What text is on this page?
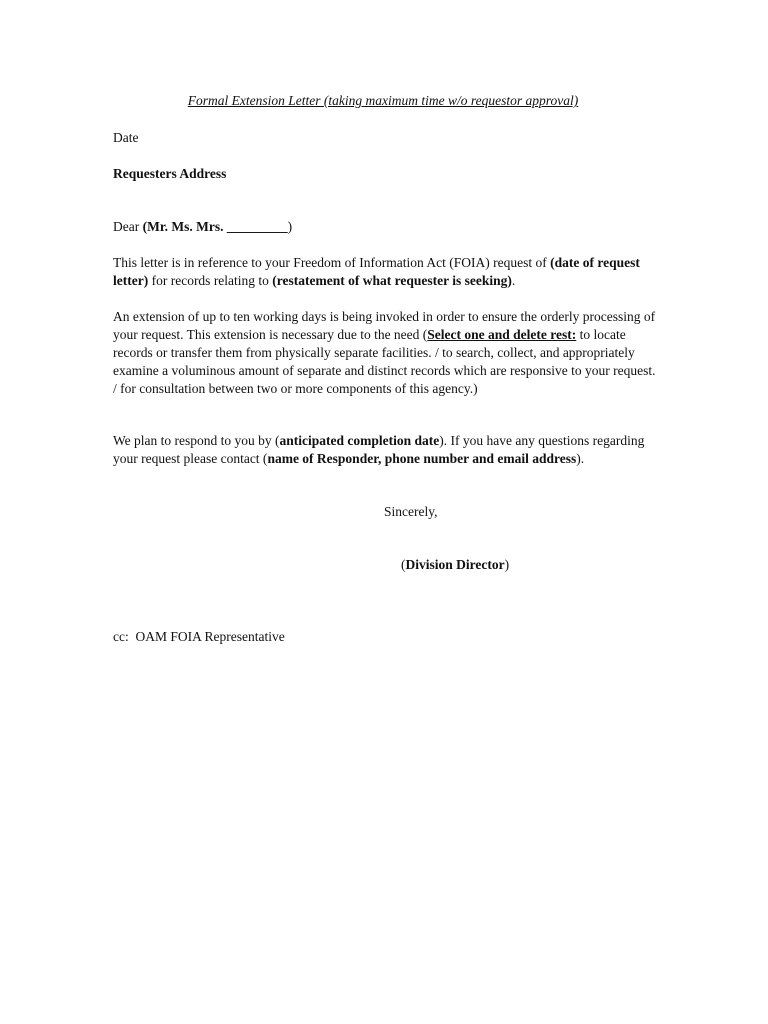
Formal Extension Letter (taking maximum time w/o requestor approval)
Date
Requesters Address
Dear (Mr. Ms. Mrs. _________)
This letter is in reference to your Freedom of Information Act (FOIA) request of (date of request letter) for records relating to (restatement of what requester is seeking).
An extension of up to ten working days is being invoked in order to ensure the orderly processing of your request. This extension is necessary due to the need (Select one and delete rest: to locate records or transfer them from physically separate facilities. / to search, collect, and appropriately examine a voluminous amount of separate and distinct records which are responsive to your request. / for consultation between two or more components of this agency.)
We plan to respond to you by (anticipated completion date). If you have any questions regarding your request please contact (name of Responder, phone number and email address).
Sincerely,
(Division Director)
cc:  OAM FOIA Representative
